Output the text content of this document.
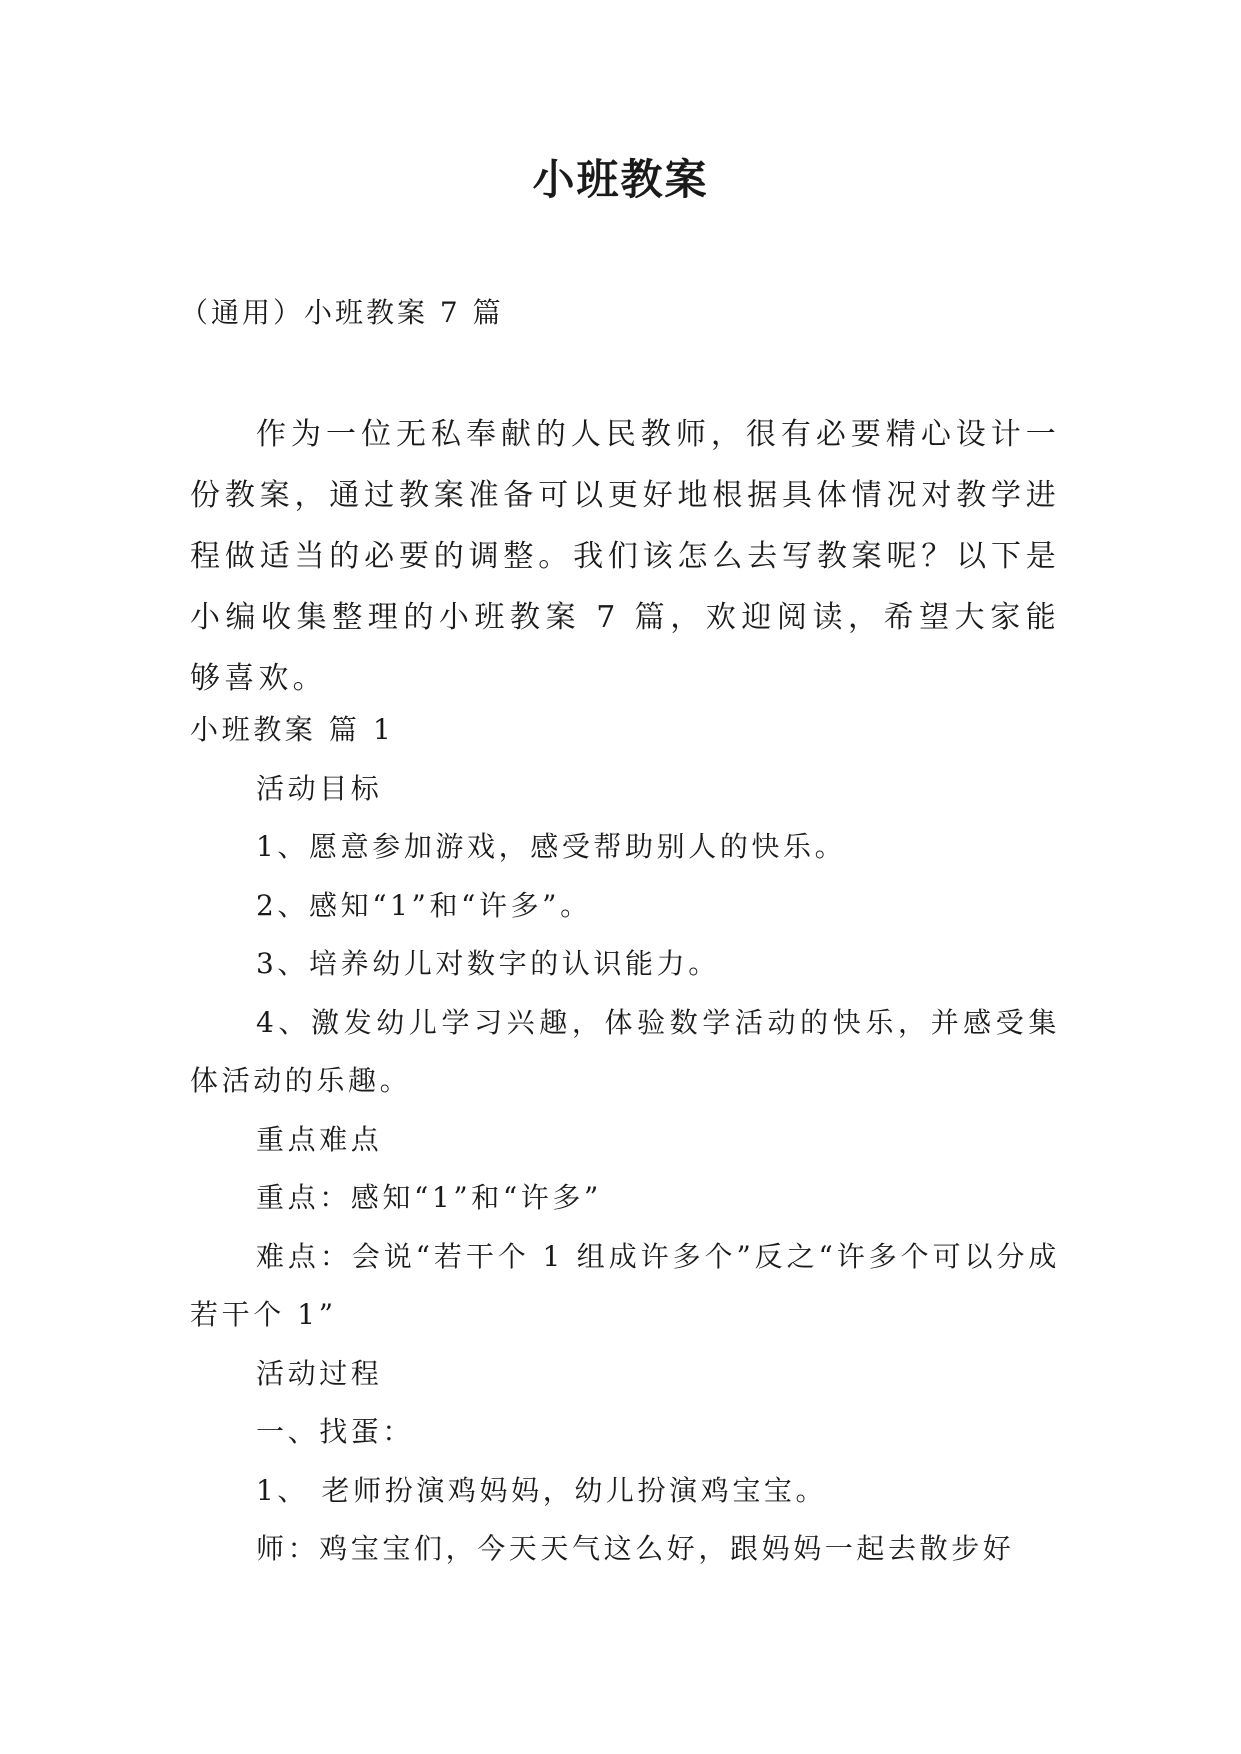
小班教案

（通用）小班教案 7 篇

作为一位无私奉献的人民教师，很有必要精心设计一份教案，通过教案准备可以更好地根据具体情况对教学进程做适当的必要的调整。我们该怎么去写教案呢？以下是小编收集整理的小班教案 7 篇，欢迎阅读，希望大家能够喜欢。

小班教案 篇 1

活动目标

1、愿意参加游戏，感受帮助别人的快乐。

2、感知“1”和“许多”。

3、培养幼儿对数字的认识能力。

4、激发幼儿学习兴趣，体验数学活动的快乐，并感受集体活动的乐趣。

重点难点

重点：感知“1”和“许多”

难点：会说“若干个 1 组成许多个”反之“许多个可以分成若干个 1”

活动过程

一、找蛋：

1、 老师扮演鸡妈妈，幼儿扮演鸡宝宝。

师：鸡宝宝们，今天天气这么好，跟妈妈一起去散步好
